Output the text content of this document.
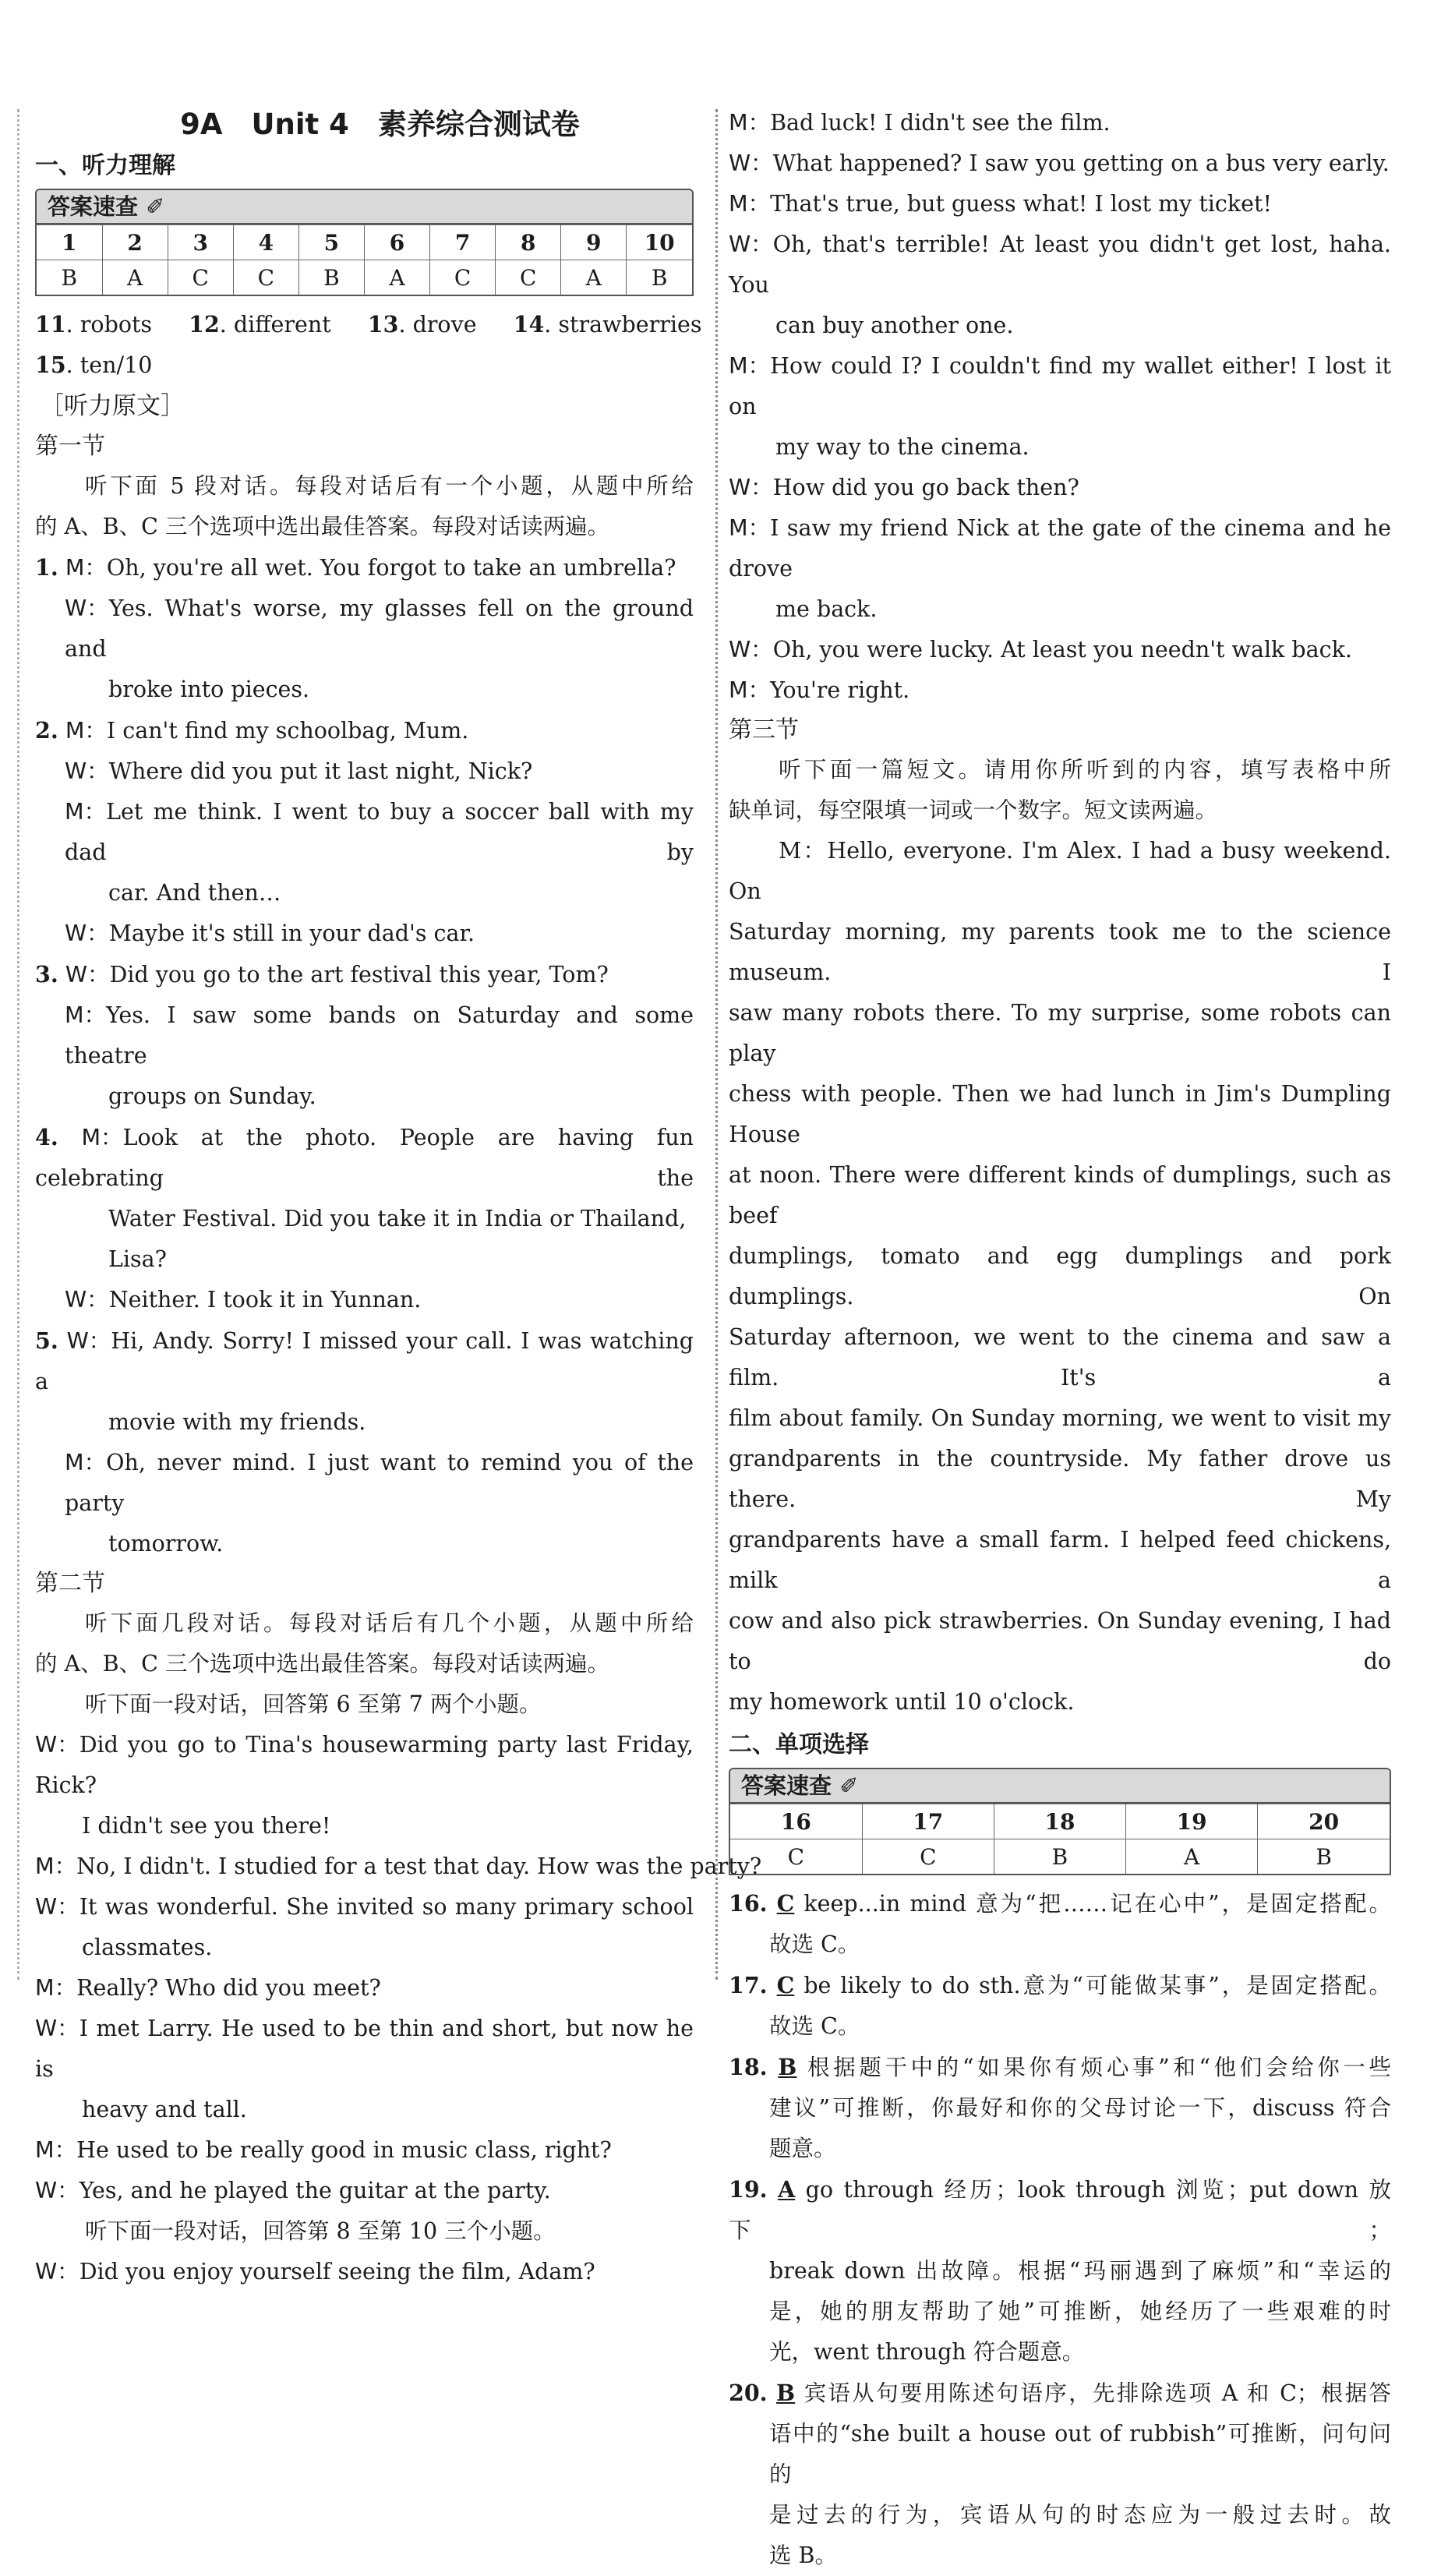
9A　Unit 4　素养综合测试卷
一、听力理解
答案速查 ✐
1	2	3	4	5	6	7	8	9	10
B	A	C	C	B	A	C	C	A	B
11. robots 12. different 13. drove 14. strawberries
15. ten/10
［听力原文］
第一节
听下面 5 段对话。每段对话后有一个小题，从题中所给
的 A、B、C 三个选项中选出最佳答案。每段对话读两遍。
1. M：Oh, you're all wet. You forgot to take an umbrella?
W：Yes. What's worse, my glasses fell on the ground and
broke into pieces.
2. M：I can't find my schoolbag, Mum.
W：Where did you put it last night, Nick?
M：Let me think. I went to buy a soccer ball with my dad by
car. And then…
W：Maybe it's still in your dad's car.
3. W：Did you go to the art festival this year, Tom?
M：Yes. I saw some bands on Saturday and some theatre
groups on Sunday.
4. M：Look at the photo. People are having fun celebrating the
Water Festival. Did you take it in India or Thailand,
Lisa?
W：Neither. I took it in Yunnan.
5. W：Hi, Andy. Sorry! I missed your call. I was watching a
movie with my friends.
M：Oh, never mind. I just want to remind you of the party
tomorrow.
第二节
听下面几段对话。每段对话后有几个小题，从题中所给
的 A、B、C 三个选项中选出最佳答案。每段对话读两遍。
听下面一段对话，回答第 6 至第 7 两个小题。
W：Did you go to Tina's housewarming party last Friday, Rick?
I didn't see you there!
M：No, I didn't. I studied for a test that day. How was the party?
W：It was wonderful. She invited so many primary school
classmates.
M：Really? Who did you meet?
W：I met Larry. He used to be thin and short, but now he is
heavy and tall.
M：He used to be really good in music class, right?
W：Yes, and he played the guitar at the party.
听下面一段对话，回答第 8 至第 10 三个小题。
W：Did you enjoy yourself seeing the film, Adam?
M：Bad luck! I didn't see the film.
W：What happened? I saw you getting on a bus very early.
M：That's true, but guess what! I lost my ticket!
W：Oh, that's terrible! At least you didn't get lost, haha. You
can buy another one.
M：How could I? I couldn't find my wallet either! I lost it on
my way to the cinema.
W：How did you go back then?
M：I saw my friend Nick at the gate of the cinema and he drove
me back.
W：Oh, you were lucky. At least you needn't walk back.
M：You're right.
第三节
听下面一篇短文。请用你所听到的内容，填写表格中所
缺单词，每空限填一词或一个数字。短文读两遍。
M：Hello, everyone. I'm Alex. I had a busy weekend. On
Saturday morning, my parents took me to the science museum. I
saw many robots there. To my surprise, some robots can play
chess with people. Then we had lunch in Jim's Dumpling House
at noon. There were different kinds of dumplings, such as beef
dumplings, tomato and egg dumplings and pork dumplings. On
Saturday afternoon, we went to the cinema and saw a film. It's a
film about family. On Sunday morning, we went to visit my
grandparents in the countryside. My father drove us there. My
grandparents have a small farm. I helped feed chickens, milk a
cow and also pick strawberries. On Sunday evening, I had to do
my homework until 10 o'clock.
二、单项选择
答案速查 ✐
16	17	18	19	20
C	C	B	A	B
16. C keep...in mind 意为“把……记在心中”，是固定搭配。
故选 C。
17. C be likely to do sth.意为“可能做某事”，是固定搭配。
故选 C。
18. B 根据题干中的“如果你有烦心事”和“他们会给你一些
建议”可推断，你最好和你的父母讨论一下，discuss 符合
题意。
19. A go through 经历；look through 浏览；put down 放下；
break down 出故障。根据“玛丽遇到了麻烦”和“幸运的
是，她的朋友帮助了她”可推断，她经历了一些艰难的时
光，went through 符合题意。
20. B 宾语从句要用陈述句语序，先排除选项 A 和 C；根据答
语中的“she built a house out of rubbish”可推断，问句问的
是过去的行为，宾语从句的时态应为一般过去时。故
选 B。
